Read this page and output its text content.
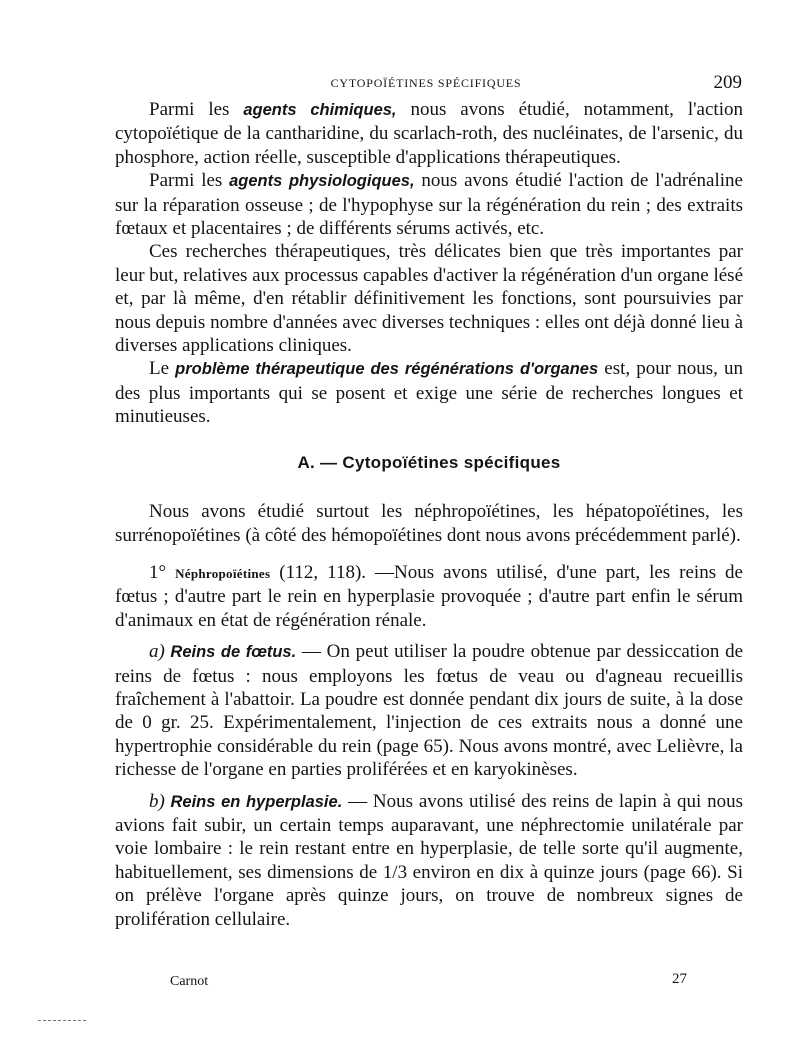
CYTOPOÏÉTINES SPÉCIFIQUES	209

Parmi les agents chimiques, nous avons étudié, notamment, l'action cytopoïétique de la cantharidine, du scarlach-roth, des nucléinates, de l'arsenic, du phosphore, action réelle, susceptible d'applications thérapeutiques.

Parmi les agents physiologiques, nous avons étudié l'action de l'adrénaline sur la réparation osseuse ; de l'hypophyse sur la régénération du rein ; des extraits fœtaux et placentaires ; de différents sérums activés, etc.

Ces recherches thérapeutiques, très délicates bien que très importantes par leur but, relatives aux processus capables d'activer la régénération d'un organe lésé et, par là même, d'en rétablir définitivement les fonctions, sont poursuivies par nous depuis nombre d'années avec diverses techniques : elles ont déjà donné lieu à diverses applications cliniques.

Le problème thérapeutique des régénérations d'organes est, pour nous, un des plus importants qui se posent et exige une série de recherches longues et minutieuses.

A. — Cytopoïétines spécifiques

Nous avons étudié surtout les néphropoïétines, les hépatopoïétines, les surrénopoïétines (à côté des hémopoïétines dont nous avons précédemment parlé).

1° Néphropoïétines (112, 118). —Nous avons utilisé, d'une part, les reins de fœtus ; d'autre part le rein en hyperplasie provoquée ; d'autre part enfin le sérum d'animaux en état de régénération rénale.

a) Reins de fœtus. — On peut utiliser la poudre obtenue par dessiccation de reins de fœtus : nous employons les fœtus de veau ou d'agneau recueillis fraîchement à l'abattoir. La poudre est donnée pendant dix jours de suite, à la dose de 0 gr. 25. Expérimentalement, l'injection de ces extraits nous a donné une hypertrophie considérable du rein (page 65). Nous avons montré, avec Lelièvre, la richesse de l'organe en parties proliférées et en karyokinèses.

b) Reins en hyperplasie. — Nous avons utilisé des reins de lapin à qui nous avions fait subir, un certain temps auparavant, une néphrectomie unilatérale par voie lombaire : le rein restant entre en hyperplasie, de telle sorte qu'il augmente, habituellement, ses dimensions de 1/3 environ en dix à quinze jours (page 66). Si on prélève l'organe après quinze jours, on trouve de nombreux signes de prolifération cellulaire.

Carnot	27
